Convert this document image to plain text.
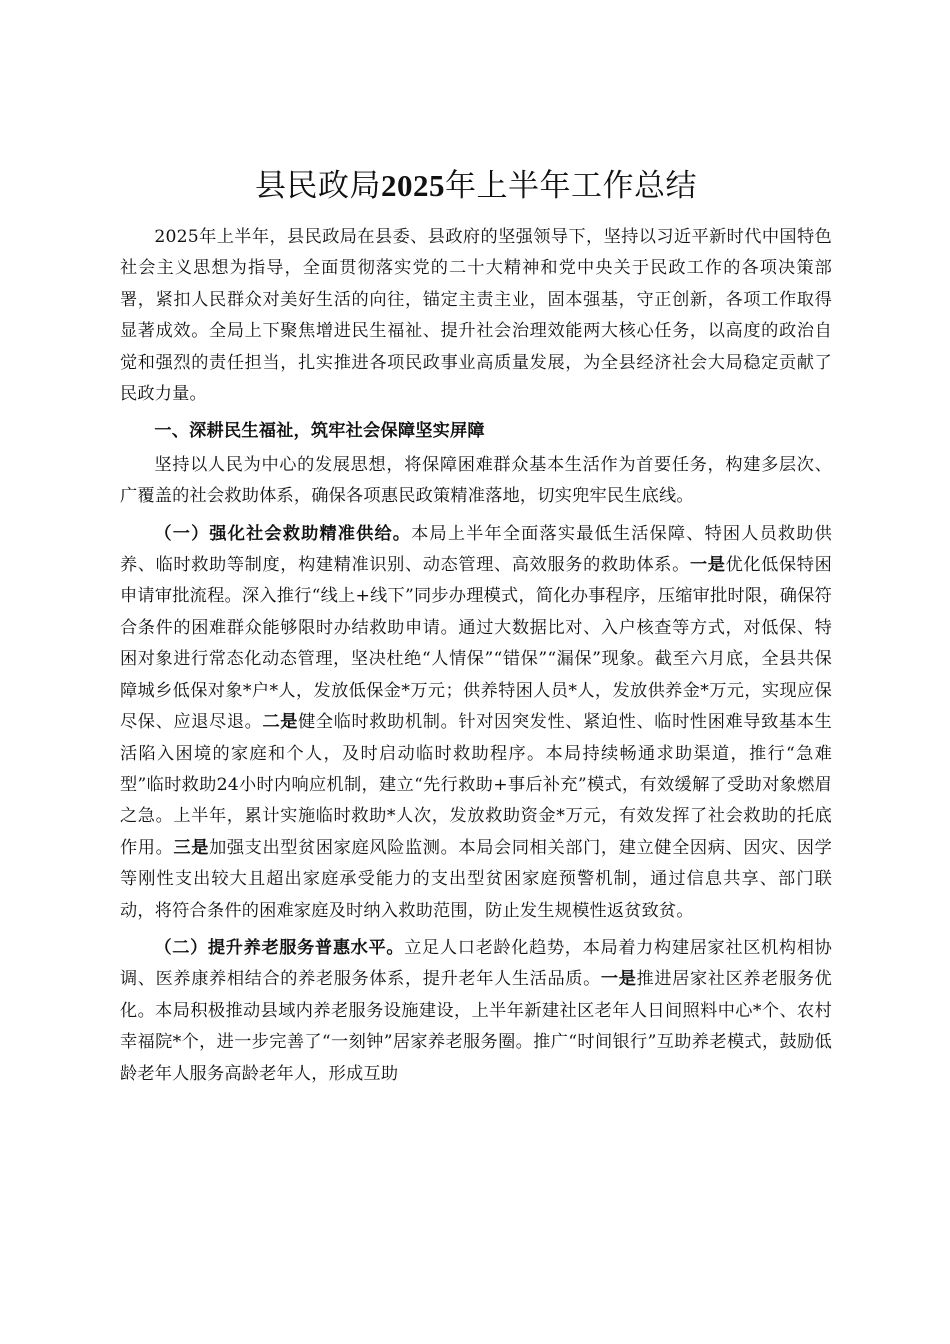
县民政局2025年上半年工作总结

2025年上半年，县民政局在县委、县政府的坚强领导下，坚持以习近平新时代中国特色社会主义思想为指导，全面贯彻落实党的二十大精神和党中央关于民政工作的各项决策部署，紧扣人民群众对美好生活的向往，锚定主责主业，固本强基，守正创新，各项工作取得显著成效。全局上下聚焦增进民生福祉、提升社会治理效能两大核心任务，以高度的政治自觉和强烈的责任担当，扎实推进各项民政事业高质量发展，为全县经济社会大局稳定贡献了民政力量。

一、深耕民生福祉，筑牢社会保障坚实屏障

坚持以人民为中心的发展思想，将保障困难群众基本生活作为首要任务，构建多层次、广覆盖的社会救助体系，确保各项惠民政策精准落地，切实兜牢民生底线。

（一）强化社会救助精准供给。本局上半年全面落实最低生活保障、特困人员救助供养、临时救助等制度，构建精准识别、动态管理、高效服务的救助体系。一是优化低保特困申请审批流程。深入推行“线上+线下”同步办理模式，简化办事程序，压缩审批时限，确保符合条件的困难群众能够限时办结救助申请。通过大数据比对、入户核查等方式，对低保、特困对象进行常态化动态管理，坚决杜绝“人情保”“错保”“漏保”现象。截至六月底，全县共保障城乡低保对象*户*人，发放低保金*万元；供养特困人员*人，发放供养金*万元，实现应保尽保、应退尽退。二是健全临时救助机制。针对因突发性、紧迫性、临时性困难导致基本生活陷入困境的家庭和个人，及时启动临时救助程序。本局持续畅通求助渠道，推行“急难型”临时救助24小时内响应机制，建立“先行救助+事后补充”模式，有效缓解了受助对象燃眉之急。上半年，累计实施临时救助*人次，发放救助资金*万元，有效发挥了社会救助的托底作用。三是加强支出型贫困家庭风险监测。本局会同相关部门，建立健全因病、因灾、因学等刚性支出较大且超出家庭承受能力的支出型贫困家庭预警机制，通过信息共享、部门联动，将符合条件的困难家庭及时纳入救助范围，防止发生规模性返贫致贫。

（二）提升养老服务普惠水平。立足人口老龄化趋势，本局着力构建居家社区机构相协调、医养康养相结合的养老服务体系，提升老年人生活品质。一是推进居家社区养老服务优化。本局积极推动县域内养老服务设施建设，上半年新建社区老年人日间照料中心*个、农村幸福院*个，进一步完善了“一刻钟”居家养老服务圈。推广“时间银行”互助养老模式，鼓励低龄老年人服务高龄老年人，形成互助
